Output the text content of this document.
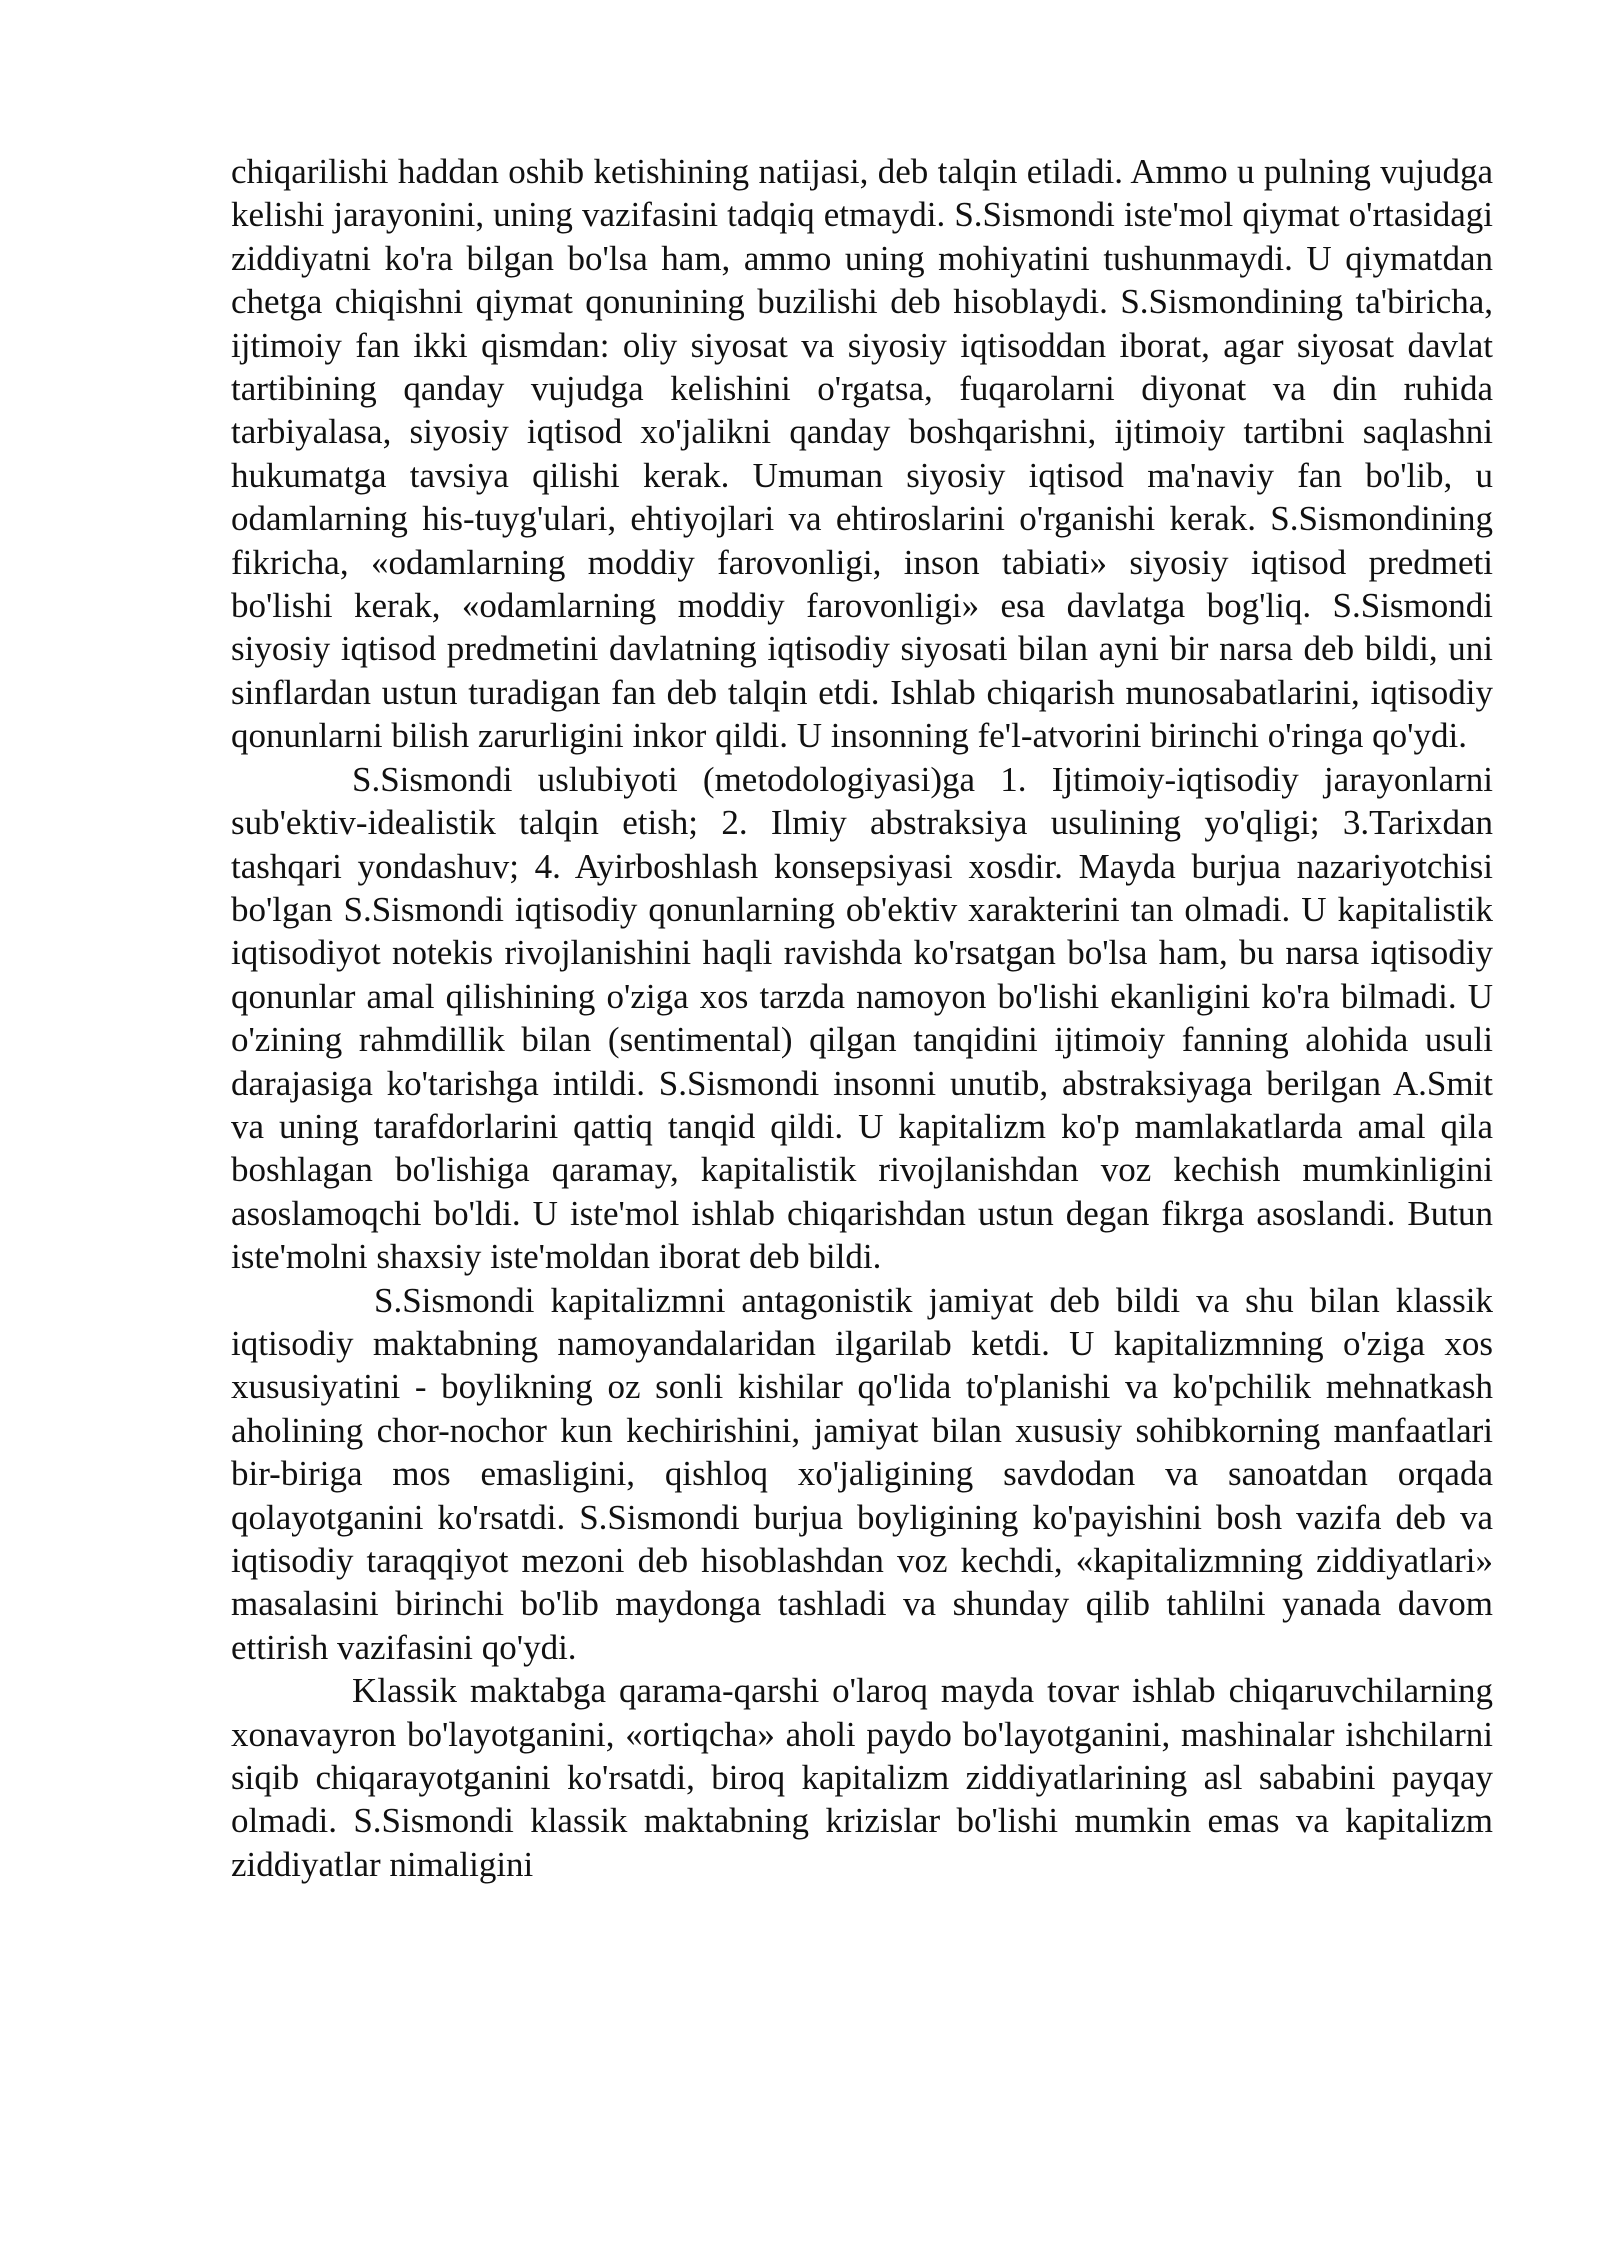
chiqarilishi haddan oshib ketishining natijasi, deb talqin etiladi. Ammo u pulning vujudga kelishi jarayonini, uning vazifasini tadqiq etmaydi. S.Sismondi iste'mol qiymat o'rtasidagi ziddiyatni ko'ra bilgan bo'lsa ham, ammo uning mohiyatini tushunmaydi. U qiymatdan chetga chiqishni qiymat qonunining buzilishi deb hisoblaydi. S.Sismondining ta'biricha, ijtimoiy fan ikki qismdan: oliy siyosat va siyosiy iqtisoddan iborat, agar siyosat davlat tartibining qanday vujudga kelishini o'rgatsa, fuqarolarni diyonat va din ruhida tarbiyalasa, siyosiy iqtisod xo'jalikni qanday boshqarishni, ijtimoiy tartibni saqlashni hukumatga tavsiya qilishi kerak. Umuman siyosiy iqtisod ma'naviy fan bo'lib, u odamlarning his-tuyg'ulari, ehtiyojlari va ehtiroslarini o'rganishi kerak. S.Sismondining fikricha, «odamlarning moddiy farovonligi, inson tabiati» siyosiy iqtisod predmeti bo'lishi kerak, «odamlarning moddiy farovonligi» esa davlatga bog'liq. S.Sismondi siyosiy iqtisod predmetini davlatning iqtisodiy siyosati bilan ayni bir narsa deb bildi, uni sinflardan ustun turadigan fan deb talqin etdi. Ishlab chiqarish munosabatlarini, iqtisodiy qonunlarni bilish zarurligini inkor qildi. U insonning fe'l-atvorini birinchi o'ringa qo'ydi.

S.Sismondi uslubiyoti (metodologiyasi)ga 1. Ijtimoiy-iqtisodiy jarayonlarni sub'ektiv-idealistik talqin etish; 2. Ilmiy abstraksiya usulining yo'qligi; 3.Tarixdan tashqari yondashuv; 4. Ayirboshlash konsepsiyasi xosdir. Mayda burjua nazariyotchisi bo'lgan S.Sismondi iqtisodiy qonunlarning ob'ektiv xarakterini tan olmadi. U kapitalistik iqtisodiyot notekis rivojlanishini haqli ravishda ko'rsatgan bo'lsa ham, bu narsa iqtisodiy qonunlar amal qilishining o'ziga xos tarzda namoyon bo'lishi ekanligini ko'ra bilmadi. U o'zining rahmdillik bilan (sentimental) qilgan tanqidini ijtimoiy fanning alohida usuli darajasiga ko'tarishga intildi. S.Sismondi insonni unutib, abstraksiyaga berilgan A.Smit va uning tarafdorlarini qattiq tanqid qildi. U kapitalizm ko'p mamlakatlarda amal qila boshlagan bo'lishiga qaramay, kapitalistik rivojlanishdan voz kechish mumkinligini asoslamoqchi bo'ldi. U iste'mol ishlab chiqarishdan ustun degan fikrga asoslandi. Butun iste'molni shaxsiy iste'moldan iborat deb bildi.

S.Sismondi kapitalizmni antagonistik jamiyat deb bildi va shu bilan klassik iqtisodiy maktabning namoyandalaridan ilgarilab ketdi. U kapitalizmning o'ziga xos xususiyatini - boylikning oz sonli kishilar qo'lida to'planishi va ko'pchilik mehnatkash aholining chor-nochor kun kechirishini, jamiyat bilan xususiy sohibkorning manfaatlari bir-biriga mos emasligini, qishloq xo'jaligining savdodan va sanoatdan orqada qolayotganini ko'rsatdi. S.Sismondi burjua boyligining ko'payishini bosh vazifa deb va iqtisodiy taraqqiyot mezoni deb hisoblashdan voz kechdi, «kapitalizmning ziddiyatlari» masalasini birinchi bo'lib maydonga tashladi va shunday qilib tahlilni yanada davom ettirish vazifasini qo'ydi.

Klassik maktabga qarama-qarshi o'laroq mayda tovar ishlab chiqaruvchilarning xonavayron bo'layotganini, «ortiqcha» aholi paydo bo'layotganini, mashinalar ishchilarni siqib chiqarayotganini ko'rsatdi, biroq kapitalizm ziddiyatlarining asl sababini payqay olmadi. S.Sismondi klassik maktabning krizislar bo'lishi mumkin emas va kapitalizm ziddiyatlar nimaligini
